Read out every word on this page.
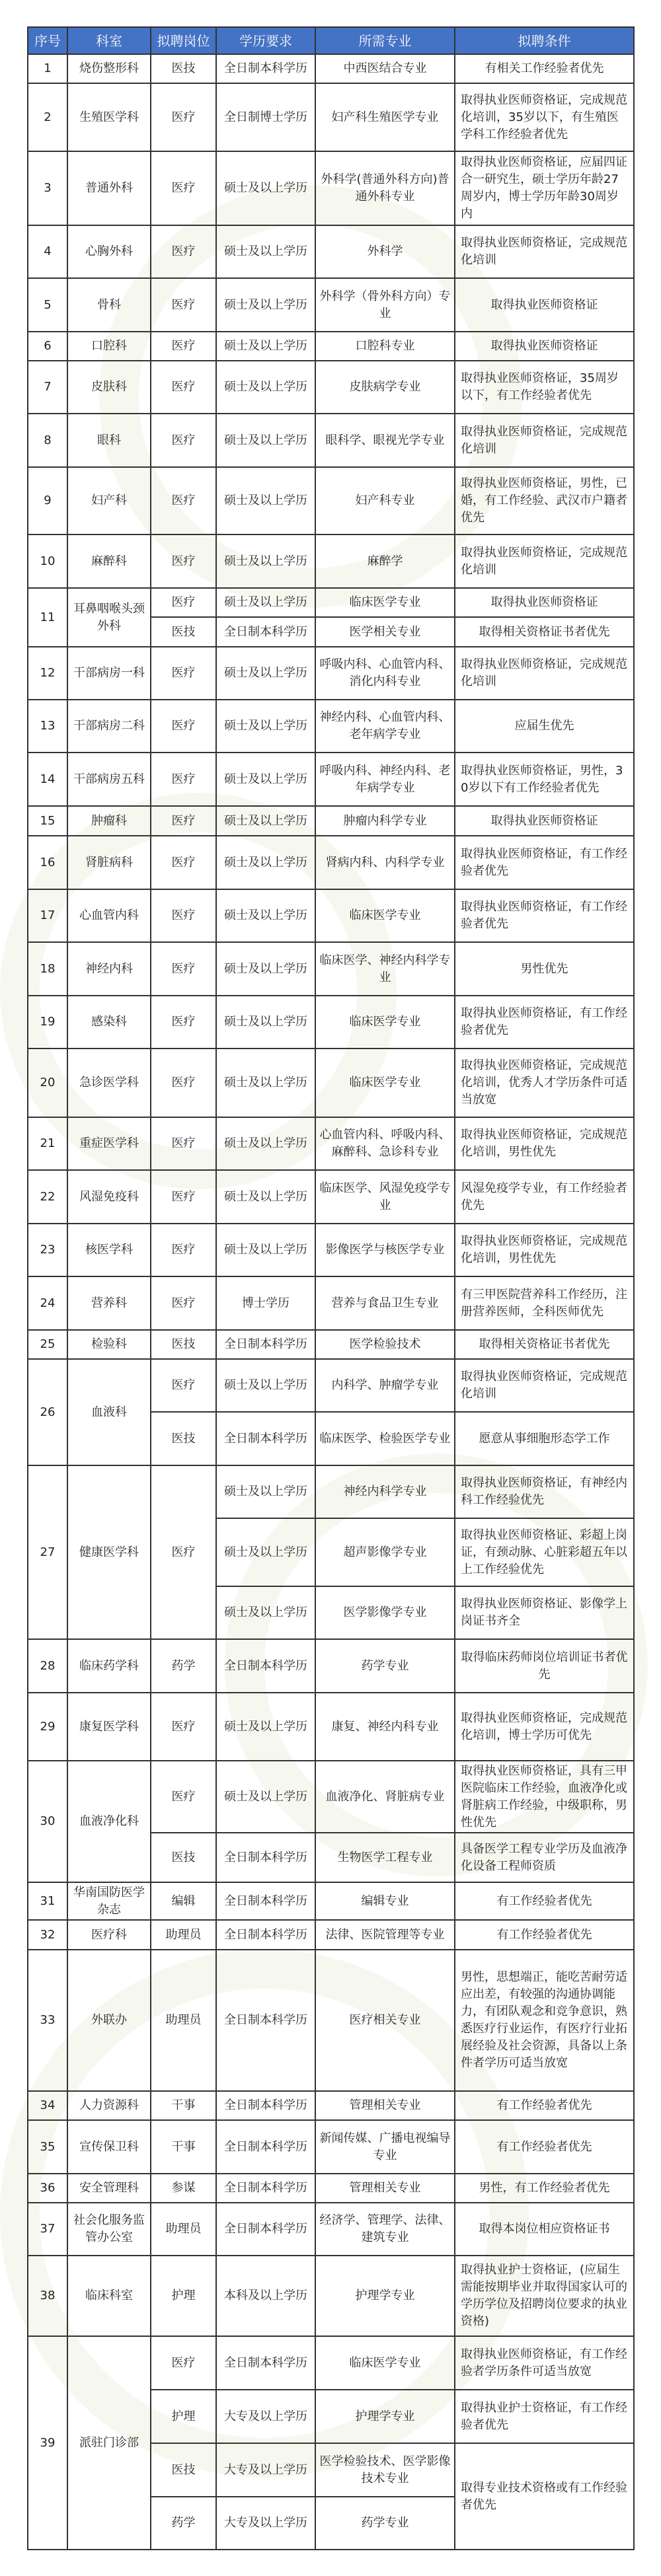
序号	科室	拟聘岗位	学历要求	所需专业	拟聘条件
1	烧伤整形科	医技	全日制本科学历	中西医结合专业	有相关工作经验者优先
2	生殖医学科	医疗	全日制博士学历	妇产科生殖医学专业	取得执业医师资格证，完成规范化培训，35岁以下，有生殖医学科工作经验者优先
3	普通外科	医疗	硕士及以上学历	外科学(普通外科方向)普通外科专业	取得执业医师资格证，应届四证合一研究生，硕士学历年龄27周岁内，博士学历年龄30周岁内
4	心胸外科	医疗	硕士及以上学历	外科学	取得执业医师资格证，完成规范化培训
5	骨科	医疗	硕士及以上学历	外科学（骨外科方向）专业	取得执业医师资格证
6	口腔科	医疗	硕士及以上学历	口腔科专业	取得执业医师资格证
7	皮肤科	医疗	硕士及以上学历	皮肤病学专业	取得执业医师资格证，35周岁以下，有工作经验者优先
8	眼科	医疗	硕士及以上学历	眼科学、眼视光学专业	取得执业医师资格证，完成规范化培训
9	妇产科	医疗	硕士及以上学历	妇产科专业	取得执业医师资格证，男性，已婚，有工作经验、武汉市户籍者优先
10	麻醉科	医疗	硕士及以上学历	麻醉学	取得执业医师资格证，完成规范化培训
11	耳鼻咽喉头颈外科	医疗	硕士及以上学历	临床医学专业	取得执业医师资格证
		医技	全日制本科学历	医学相关专业	取得相关资格证书者优先
12	干部病房一科	医疗	硕士及以上学历	呼吸内科、心血管内科、消化内科专业	取得执业医师资格证，完成规范化培训
13	干部病房二科	医疗	硕士及以上学历	神经内科、心血管内科、老年病学专业	应届生优先
14	干部病房五科	医疗	硕士及以上学历	呼吸内科、神经内科、老年病学专业	取得执业医师资格证，男性，30岁以下有工作经验者优先
15	肿瘤科	医疗	硕士及以上学历	肿瘤内科学专业	取得执业医师资格证
16	肾脏病科	医疗	硕士及以上学历	肾病内科、内科学专业	取得执业医师资格证，有工作经验者优先
17	心血管内科	医疗	硕士及以上学历	临床医学专业	取得执业医师资格证，有工作经验者优先
18	神经内科	医疗	硕士及以上学历	临床医学、神经内科学专业	男性优先
19	感染科	医疗	硕士及以上学历	临床医学专业	取得执业医师资格证，有工作经验者优先
20	急诊医学科	医疗	硕士及以上学历	临床医学专业	取得执业医师资格证，完成规范化培训，优秀人才学历条件可适当放宽
21	重症医学科	医疗	硕士及以上学历	心血管内科、呼吸内科、麻醉科、急诊科专业	取得执业医师资格证，完成规范化培训，男性优先
22	风湿免疫科	医疗	硕士及以上学历	临床医学、风湿免疫学专业	风湿免疫学专业，有工作经验者优先
23	核医学科	医疗	硕士及以上学历	影像医学与核医学专业	取得执业医师资格证，完成规范化培训，男性优先
24	营养科	医疗	博士学历	营养与食品卫生专业	有三甲医院营养科工作经历，注册营养医师，全科医师优先
25	检验科	医技	全日制本科学历	医学检验技术	取得相关资格证书者优先
26	血液科	医疗	硕士及以上学历	内科学、肿瘤学专业	取得执业医师资格证，完成规范化培训
		医技	全日制本科学历	临床医学、检验医学专业	愿意从事细胞形态学工作
27	健康医学科	医疗	硕士及以上学历	神经内科学专业	取得执业医师资格证，有神经内科工作经验优先
			硕士及以上学历	超声影像学专业	取得执业医师资格证、彩超上岗证，有颈动脉、心脏彩超五年以上工作经验优先
			硕士及以上学历	医学影像学专业	取得执业医师资格证、影像学上岗证书齐全
28	临床药学科	药学	全日制本科学历	药学专业	取得临床药师岗位培训证书者优先
29	康复医学科	医疗	硕士及以上学历	康复、神经内科专业	取得执业医师资格证，完成规范化培训，博士学历可优先
30	血液净化科	医疗	硕士及以上学历	血液净化、肾脏病专业	取得执业医师资格证，具有三甲医院临床工作经验，血液净化或肾脏病工作经验，中级职称，男性优先
		医技	全日制本科学历	生物医学工程专业	具备医学工程专业学历及血液净化设备工程师资质
31	华南国防医学杂志	编辑	全日制本科学历	编辑专业	有工作经验者优先
32	医疗科	助理员	全日制本科学历	法律、医院管理等专业	有工作经验者优先
33	外联办	助理员	全日制本科学历	医疗相关专业	男性，思想端正，能吃苦耐劳适应出差，有较强的沟通协调能力，有团队观念和竞争意识，熟悉医疗行业运作，有医疗行业拓展经验及社会资源，具备以上条件者学历可适当放宽
34	人力资源科	干事	全日制本科学历	管理相关专业	有工作经验者优先
35	宣传保卫科	干事	全日制本科学历	新闻传媒、广播电视编导专业	有工作经验者优先
36	安全管理科	参谋	全日制本科学历	管理相关专业	男性，有工作经验者优先
37	社会化服务监管办公室	助理员	全日制本科学历	经济学、管理学、法律、建筑专业	取得本岗位相应资格证书
38	临床科室	护理	本科及以上学历	护理学专业	取得执业护士资格证，(应届生需能按期毕业并取得国家认可的学历学位及招聘岗位要求的执业资格)
39	派驻门诊部	医疗	全日制本科学历	临床医学专业	取得执业医师资格证，有工作经验者学历条件可适当放宽
		护理	大专及以上学历	护理学专业	取得执业护士资格证，有工作经验者优先
		医技	大专及以上学历	医学检验技术、医学影像技术专业	取得专业技术资格或有工作经验者优先
		药学	大专及以上学历	药学专业	
